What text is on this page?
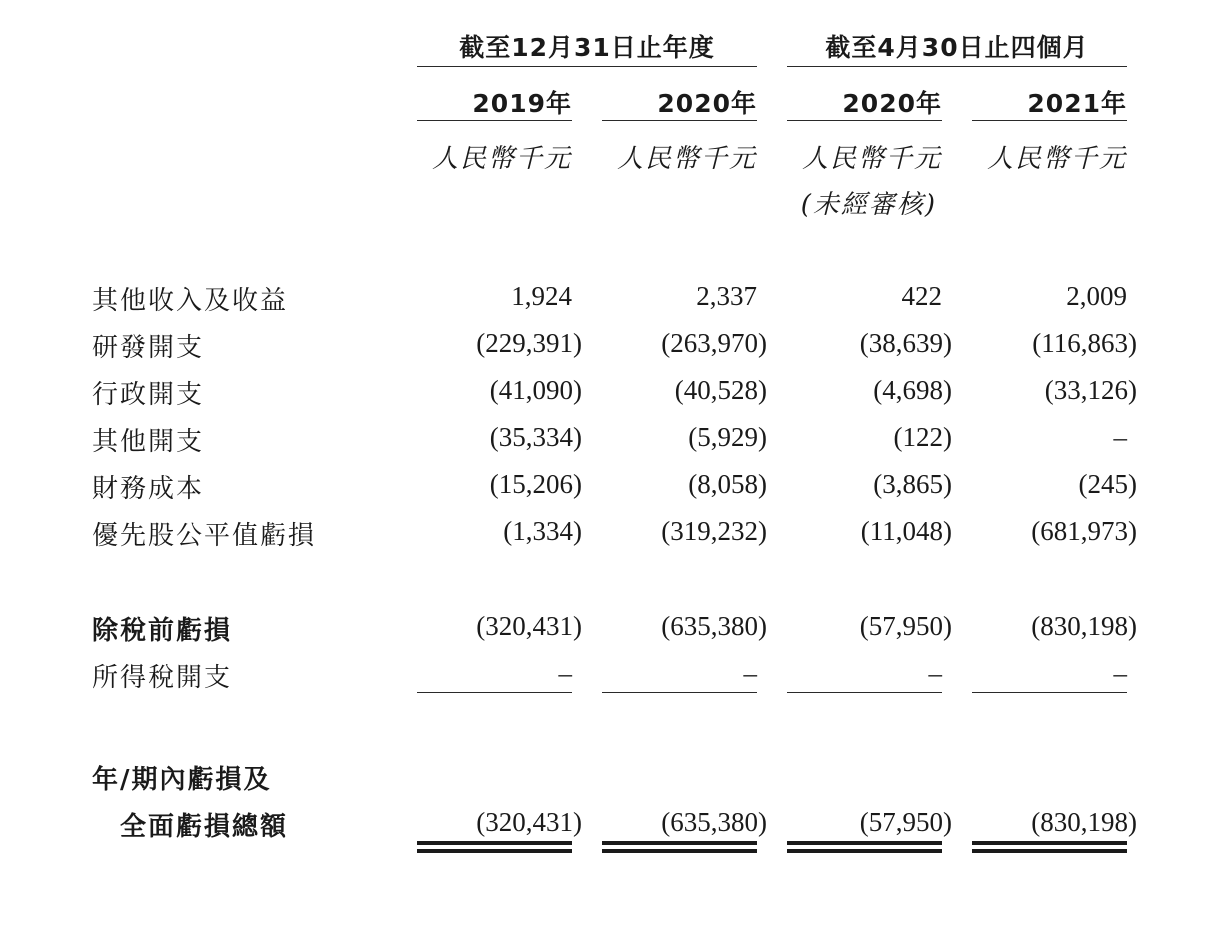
截至12月31日止年度	截至4月30日止四個月
2019年	2020年	2020年	2021年
人民幣千元	人民幣千元	人民幣千元	人民幣千元
(未經審核)
其他收入及收益	1,924	2,337	422	2,009
研發開支	(229,391)	(263,970)	(38,639)	(116,863)
行政開支	(41,090)	(40,528)	(4,698)	(33,126)
其他開支	(35,334)	(5,929)	(122)	–
財務成本	(15,206)	(8,058)	(3,865)	(245)
優先股公平值虧損	(1,334)	(319,232)	(11,048)	(681,973)
除稅前虧損	(320,431)	(635,380)	(57,950)	(830,198)
所得稅開支	–	–	–	–
年/期內虧損及
全面虧損總額	(320,431)	(635,380)	(57,950)	(830,198)
